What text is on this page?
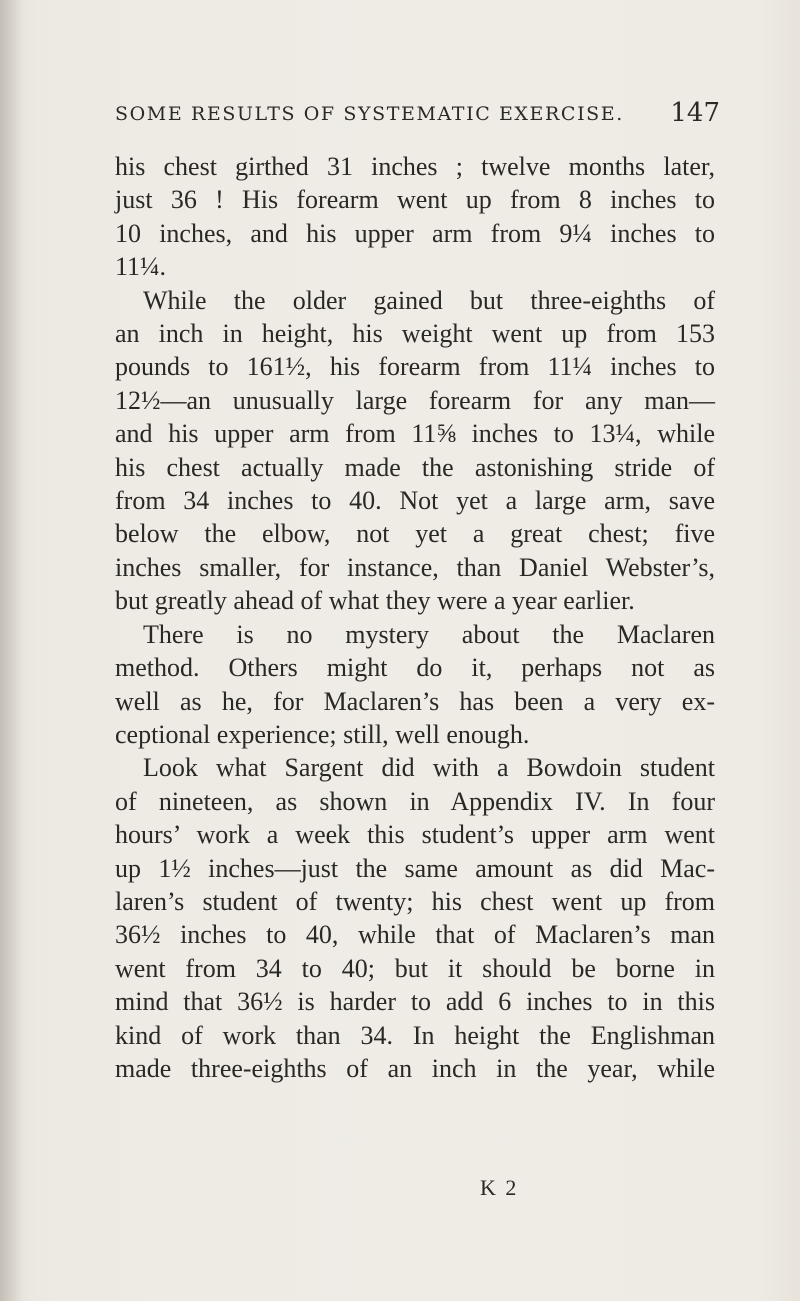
SOME RESULTS OF SYSTEMATIC EXERCISE. 147
his chest girthed 31 inches ; twelve months later,
just 36 ! His forearm went up from 8 inches to
10 inches, and his upper arm from 9¼ inches to
11¼.
While the older gained but three-eighths of
an inch in height, his weight went up from 153
pounds to 161½, his forearm from 11¼ inches to
12½—an unusually large forearm for any man—
and his upper arm from 11⅝ inches to 13¼, while
his chest actually made the astonishing stride of
from 34 inches to 40. Not yet a large arm, save
below the elbow, not yet a great chest; five
inches smaller, for instance, than Daniel Webster’s,
but greatly ahead of what they were a year earlier.
There is no mystery about the Maclaren
method. Others might do it, perhaps not as
well as he, for Maclaren’s has been a very ex-
ceptional experience; still, well enough.
Look what Sargent did with a Bowdoin student
of nineteen, as shown in Appendix IV. In four
hours’ work a week this student’s upper arm went
up 1½ inches—just the same amount as did Mac-
laren’s student of twenty; his chest went up from
36½ inches to 40, while that of Maclaren’s man
went from 34 to 40; but it should be borne in
mind that 36½ is harder to add 6 inches to in this
kind of work than 34. In height the Englishman
made three-eighths of an inch in the year, while
K 2
